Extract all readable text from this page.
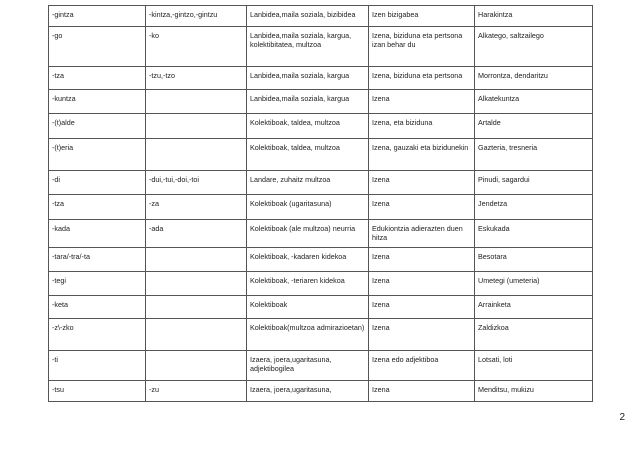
-gintza	-kintza,-gintzo,-gintzu	Lanbidea,maila soziala, bizibidea	Izen bizigabea	Harakintza
-go	-ko	Lanbidea,maila soziala, kargua, kolektibitatea, multzoa	Izena, biziduna eta pertsona izan behar du	Alkatego, saltzailego
-tza	-tzu,-tzo	Lanbidea,maila soziala, kargua	Izena, biziduna eta pertsona	Morrontza, dendaritzu
-kuntza		Lanbidea,maila soziala, kargua	Izena	Alkatekuntza
-(t)alde		Kolektiboak, taldea, multzoa	Izena, eta biziduna	Artalde
-(t)eria		Kolektiboak, taldea, multzoa	Izena, gauzaki eta bizidunekin	Gazteria, tresneria
-di	-dui,-tui,-doi,-toi	Landare, zuhaitz multzoa	Izena	Pinudi, sagardui
-tza	-za	Kolektiboak (ugaritasuna)	Izena	Jendetza
-kada	-ada	Kolektiboak (ale multzoa) neurria	Edukiontzia adierazten duen hitza	Eskukada
-tara/-tra/-ta		Kolektiboak, -kadaren kidekoa	Izena	Besotara
-tegi		Kolektiboak, -teriaren kidekoa	Izena	Umetegi (umeteria)
-keta		Kolektiboak	Izena	Arrainketa
-z\-zko		Kolektiboak(multzoa admirazioetan)	Izena	Zaldizkoa
-ti		Izaera, joera,ugaritasuna, adjektibogilea	Izena edo adjektiboa	Lotsati, loti
-tsu	-zu	Izaera, joera,ugaritasuna,	Izena	Menditsu, mukizu
2
